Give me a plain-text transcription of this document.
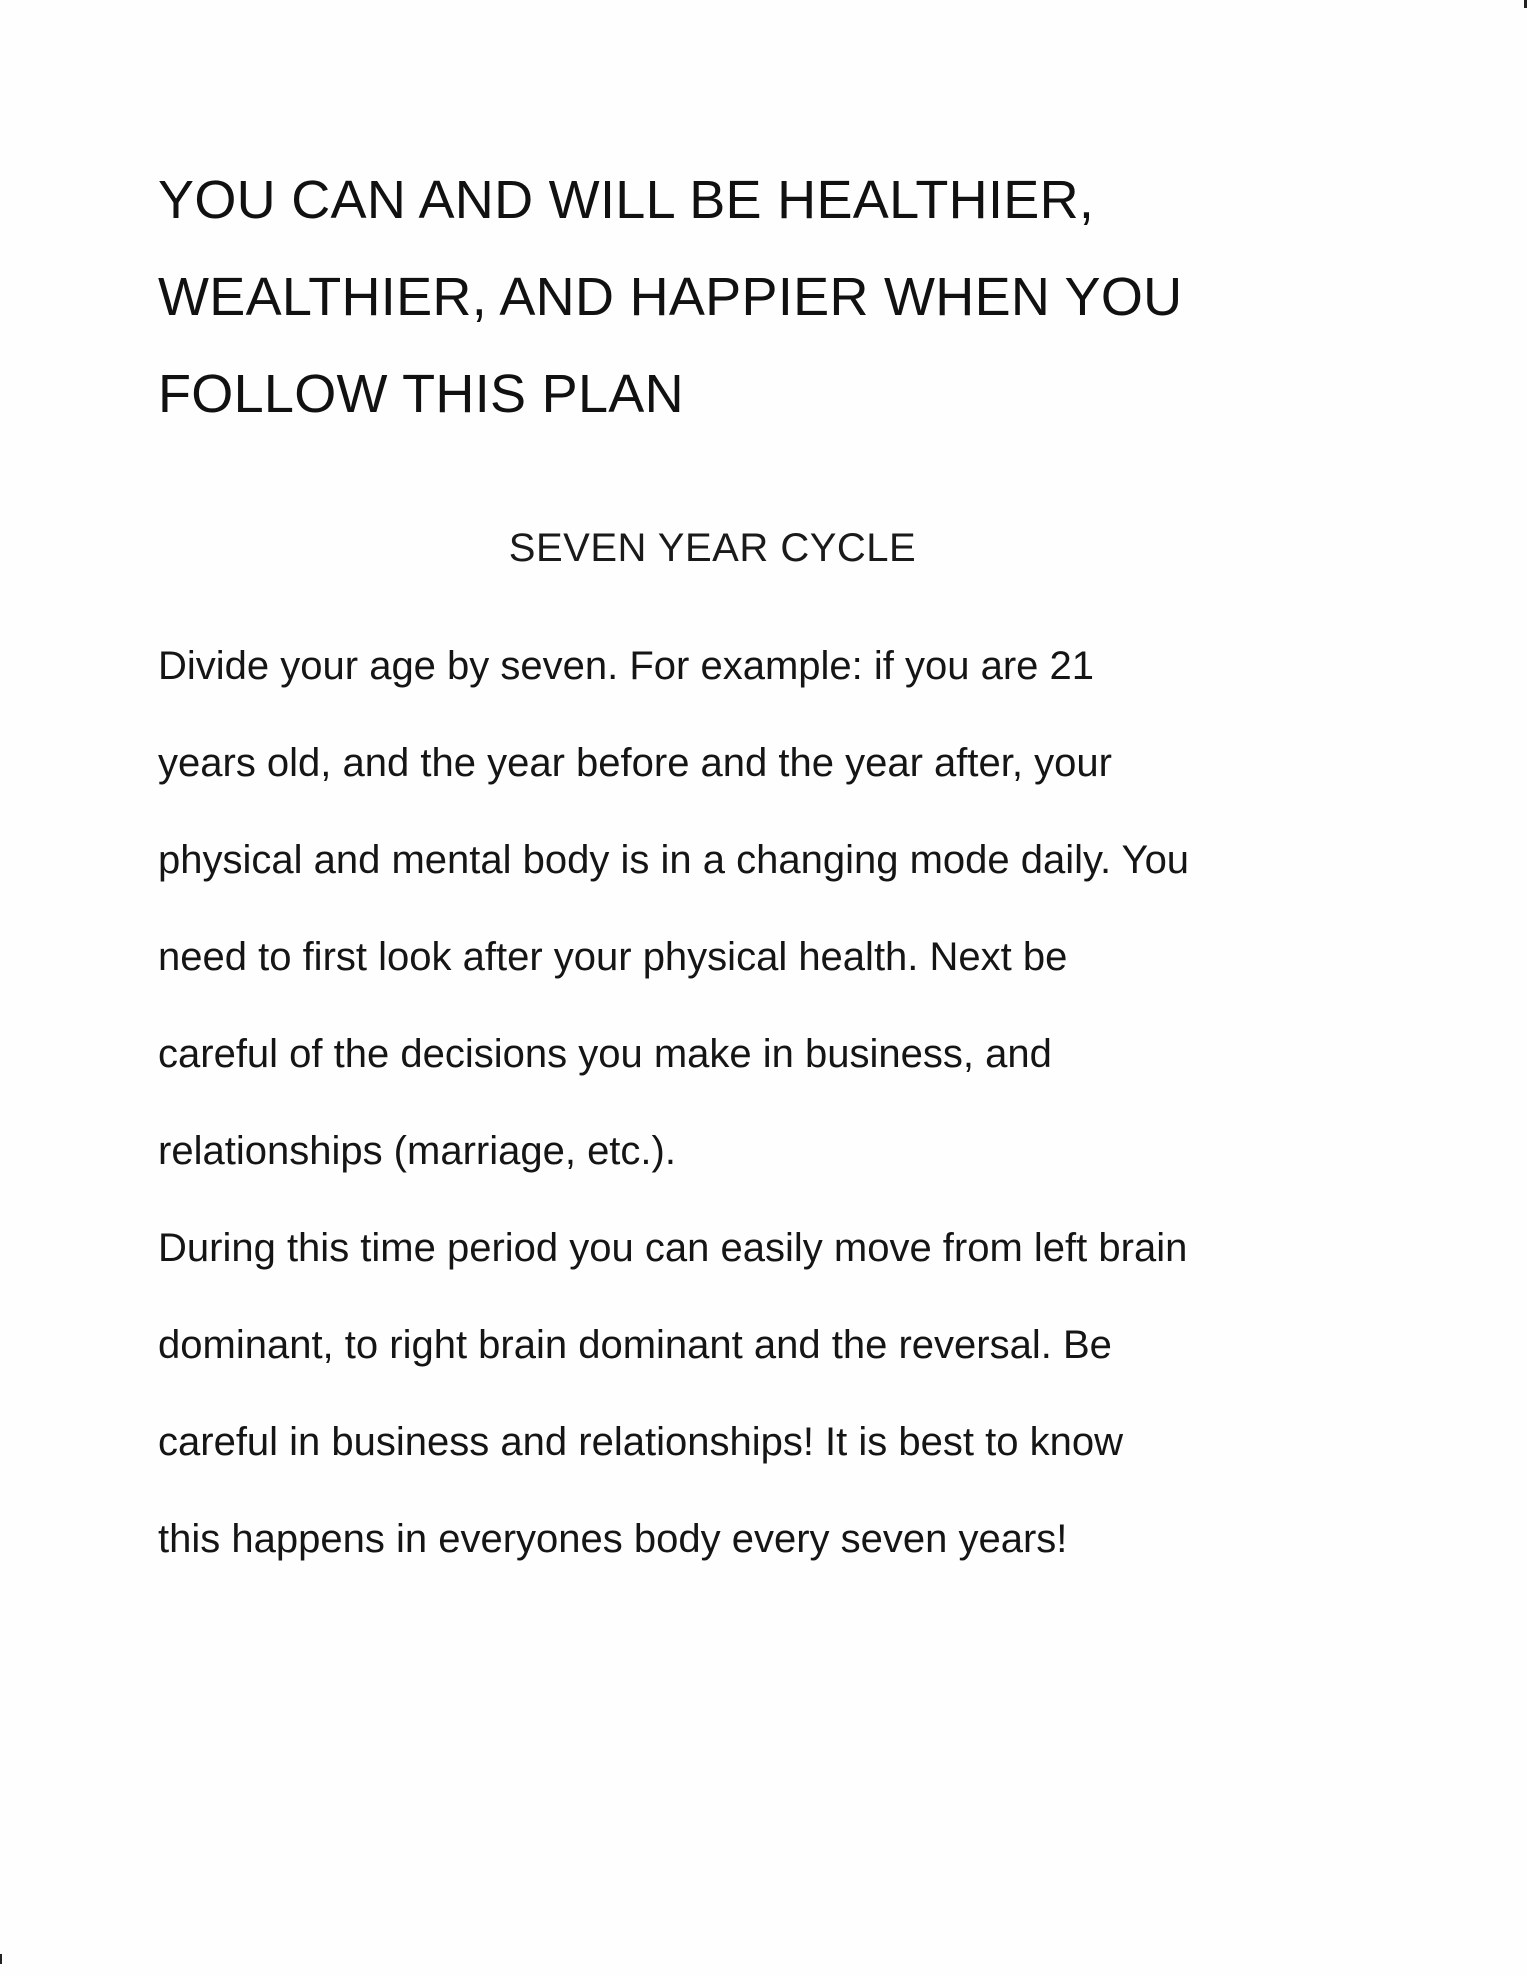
YOU CAN AND WILL BE HEALTHIER,
WEALTHIER, AND HAPPIER WHEN YOU
FOLLOW THIS PLAN
SEVEN YEAR CYCLE
Divide your age by seven. For example: if you are 21
years old, and the year before and the year after, your
physical and mental body is in a changing mode daily. You
need to first look after your physical health. Next be
careful of the decisions you make in business, and
relationships (marriage, etc.).
During this time period you can easily move from left brain
dominant, to right brain dominant and the reversal. Be
careful in business and relationships! It is best to know
this happens in everyones body every seven years!
